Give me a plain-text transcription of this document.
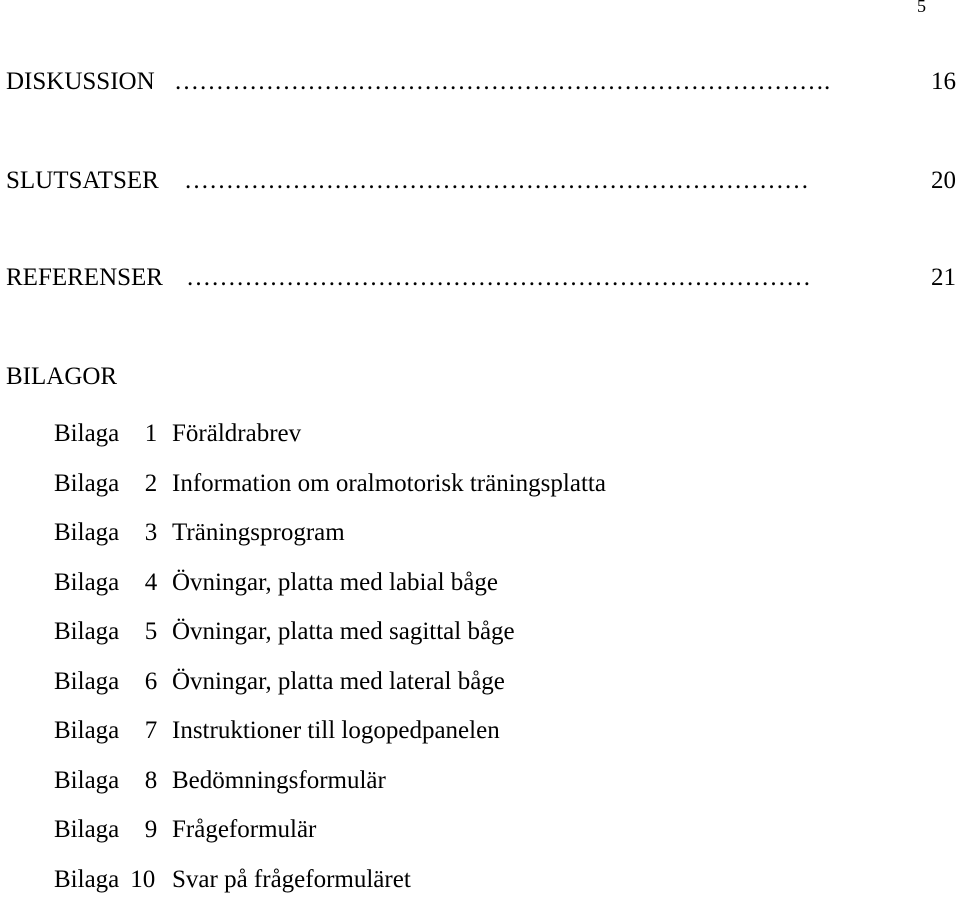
5
DISKUSSION …………………………………………………………………….	16
SLUTSATSER …………………………………………………………………	20
REFERENSER …………………………………………………………………	21
BILAGOR
Bilaga 1 Föräldrabrev
Bilaga 2 Information om oralmotorisk träningsplatta
Bilaga 3 Träningsprogram
Bilaga 4 Övningar, platta med labial båge
Bilaga 5 Övningar, platta med sagittal båge
Bilaga 6 Övningar, platta med lateral båge
Bilaga 7 Instruktioner till logopedpanelen
Bilaga 8 Bedömningsformulär
Bilaga 9 Frågeformulär
Bilaga 10 Svar på frågeformuläret
